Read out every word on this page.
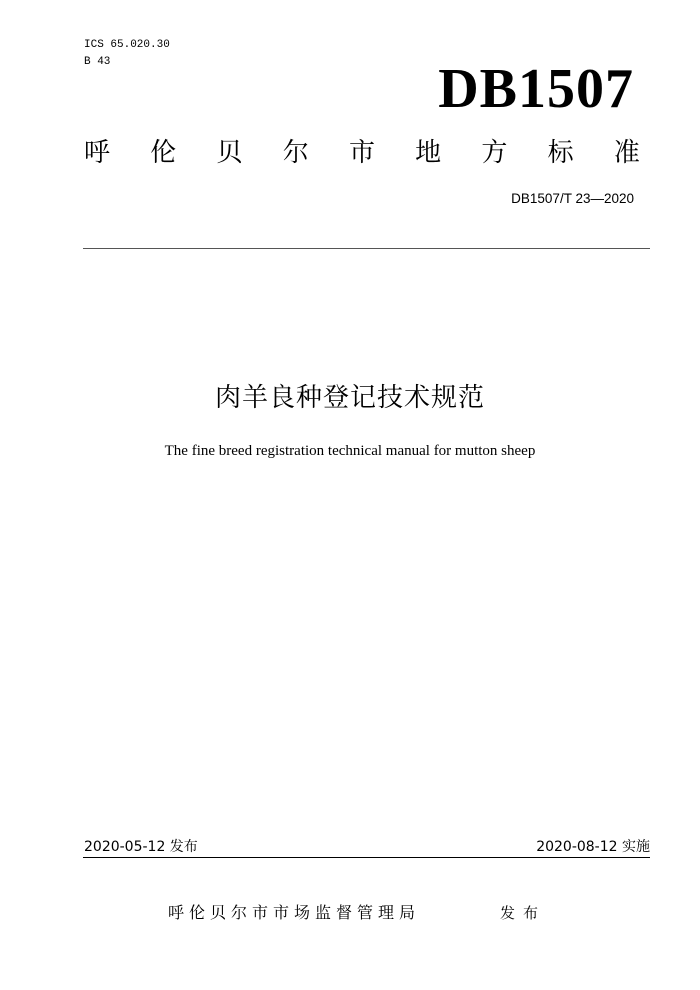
ICS 65.020.30
B 43	DB1507
呼 伦 贝 尔 市 地 方 标 准
DB1507/T 23—2020
肉羊良种登记技术规范
The fine breed registration technical manual for mutton sheep
2020-05-12 发布	2020-08-12 实施
呼伦贝尔市市场监督管理局	发布
